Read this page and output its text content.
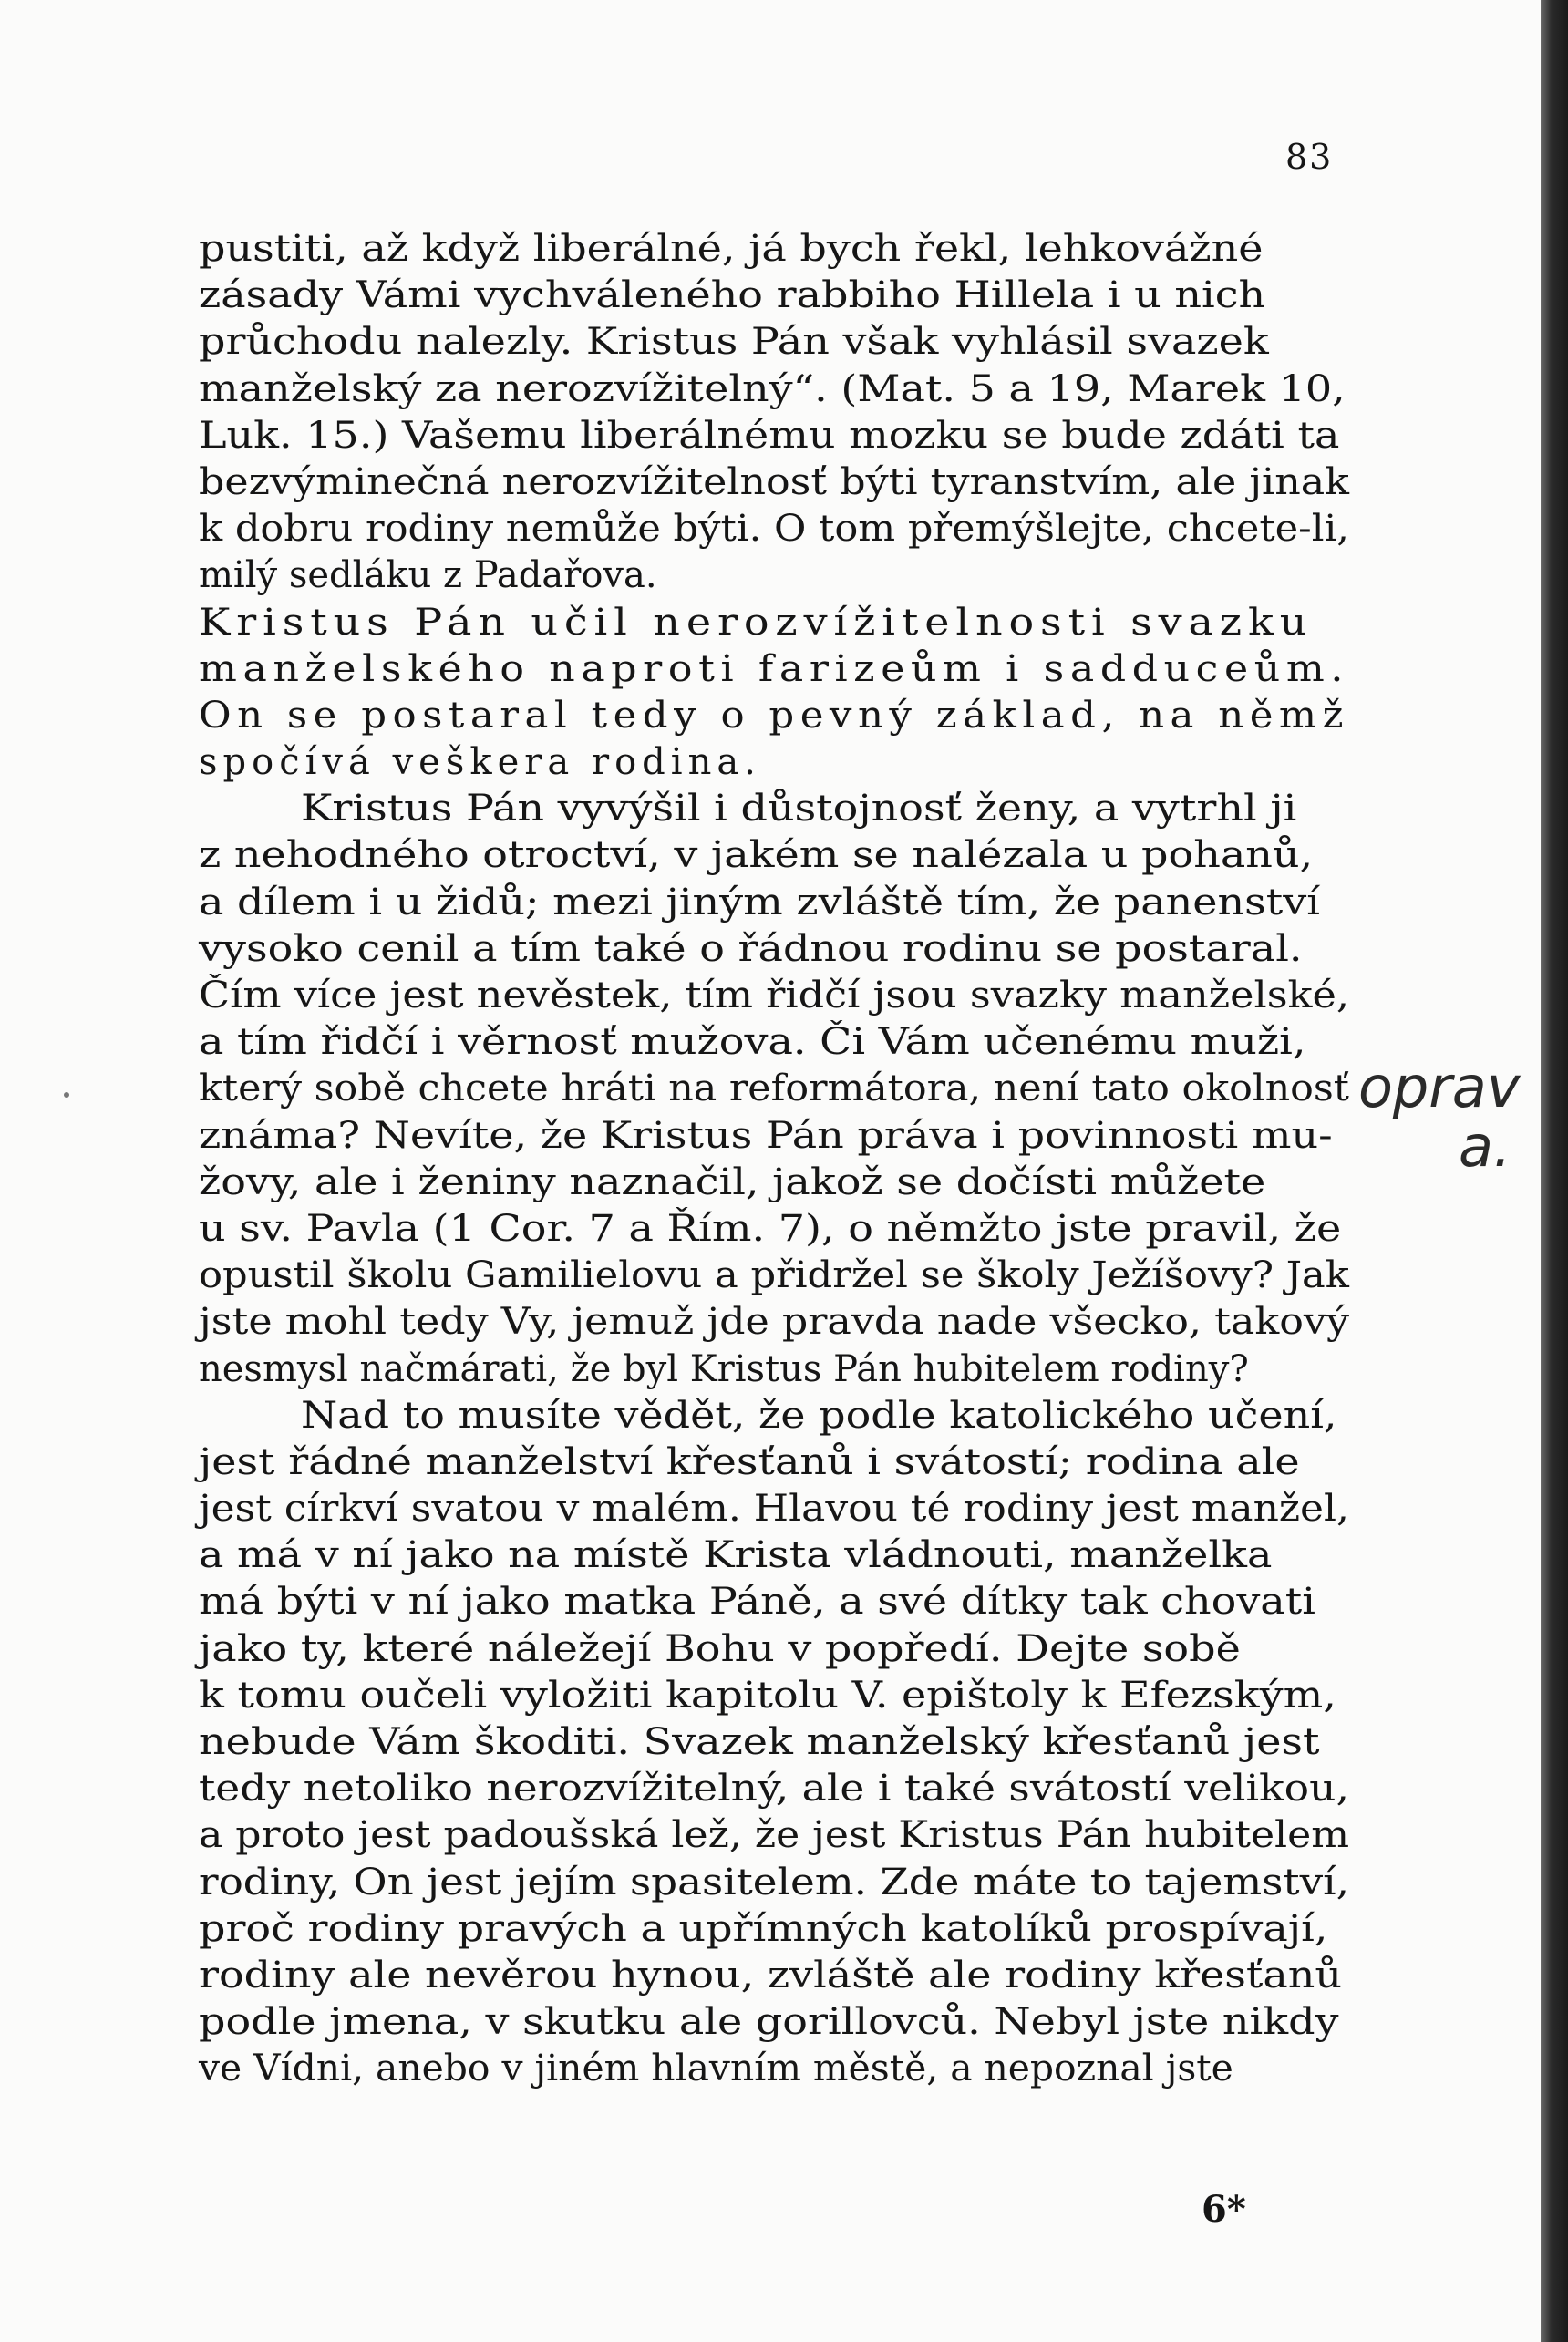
83
pustiti, až když liberálné, já bych řekl, lehkovážné
zásady Vámi vychváleného rabbiho Hillela i u nich
průchodu nalezly. Kristus Pán však vyhlásil svazek
manželský za nerozvížitelný“. (Mat. 5 a 19, Marek 10,
Luk. 15.) Vašemu liberálnému mozku se bude zdáti ta
bezvýminečná nerozvížitelnosť býti tyranstvím, ale jinak
k dobru rodiny nemůže býti. O tom přemýšlejte, chcete-li,
milý sedláku z Padařova.
Kristus Pán učil nerozvížitelnosti svazku
manželského naproti farizeům i sadduceům.
On se postaral tedy o pevný základ, na němž
spočívá veškera rodina.
Kristus Pán vyvýšil i důstojnosť ženy, a vytrhl ji
z nehodného otroctví, v jakém se nalézala u pohanů,
a dílem i u židů; mezi jiným zvláště tím, že panenství
vysoko cenil a tím také o řádnou rodinu se postaral.
Čím více jest nevěstek, tím řidčí jsou svazky manželské,
a tím řidčí i věrnosť mužova. Či Vám učenému muži,
který sobě chcete hráti na reformátora, není tato okolnosť
známa? Nevíte, že Kristus Pán práva i povinnosti mu-
žovy, ale i ženiny naznačil, jakož se dočísti můžete
u sv. Pavla (1 Cor. 7 a Řím. 7), o němžto jste pravil, že
opustil školu Gamilielovu a přidržel se školy Ježíšovy? Jak
jste mohl tedy Vy, jemuž jde pravda nade všecko, takový
nesmysl načmárati, že byl Kristus Pán hubitelem rodiny?
Nad to musíte vědět, že podle katolického učení,
jest řádné manželství křesťanů i svátostí; rodina ale
jest církví svatou v malém. Hlavou té rodiny jest manžel,
a má v ní jako na místě Krista vládnouti, manželka
má býti v ní jako matka Páně, a své dítky tak chovati
jako ty, které náležejí Bohu v popředí. Dejte sobě
k tomu oučeli vyložiti kapitolu V. epištoly k Efezským,
nebude Vám škoditi. Svazek manželský křesťanů jest
tedy netoliko nerozvížitelný, ale i také svátostí velikou,
a proto jest padoušská lež, že jest Kristus Pán hubitelem
rodiny, On jest jejím spasitelem. Zde máte to tajemství,
proč rodiny pravých a upřímných katolíků prospívají,
rodiny ale nevěrou hynou, zvláště ale rodiny křesťanů
podle jmena, v skutku ale gorillovců. Nebyl jste nikdy
ve Vídni, anebo v jiném hlavním městě, a nepoznal jste
oprav
a.
6*
